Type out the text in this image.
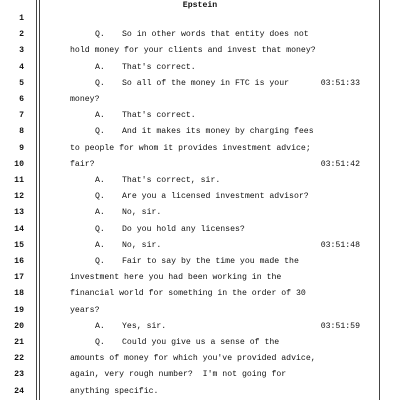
Epstein
1
2	Q. So in other words that entity does not
3	hold money for your clients and invest that money?
4	A. That's correct.
5	Q. So all of the money in FTC is your	03:51:33
6	money?
7	A. That's correct.
8	Q. And it makes its money by charging fees
9	to people for whom it provides investment advice;
10	fair?	03:51:42
11	A. That's correct, sir.
12	Q. Are you a licensed investment advisor?
13	A. No, sir.
14	Q. Do you hold any licenses?
15	A. No, sir.	03:51:48
16	Q. Fair to say by the time you made the
17	investment here you had been working in the
18	financial world for something in the order of 30
19	years?
20	A. Yes, sir.	03:51:59
21	Q. Could you give us a sense of the
22	amounts of money for which you've provided advice,
23	again, very rough number?  I'm not going for
24	anything specific.
